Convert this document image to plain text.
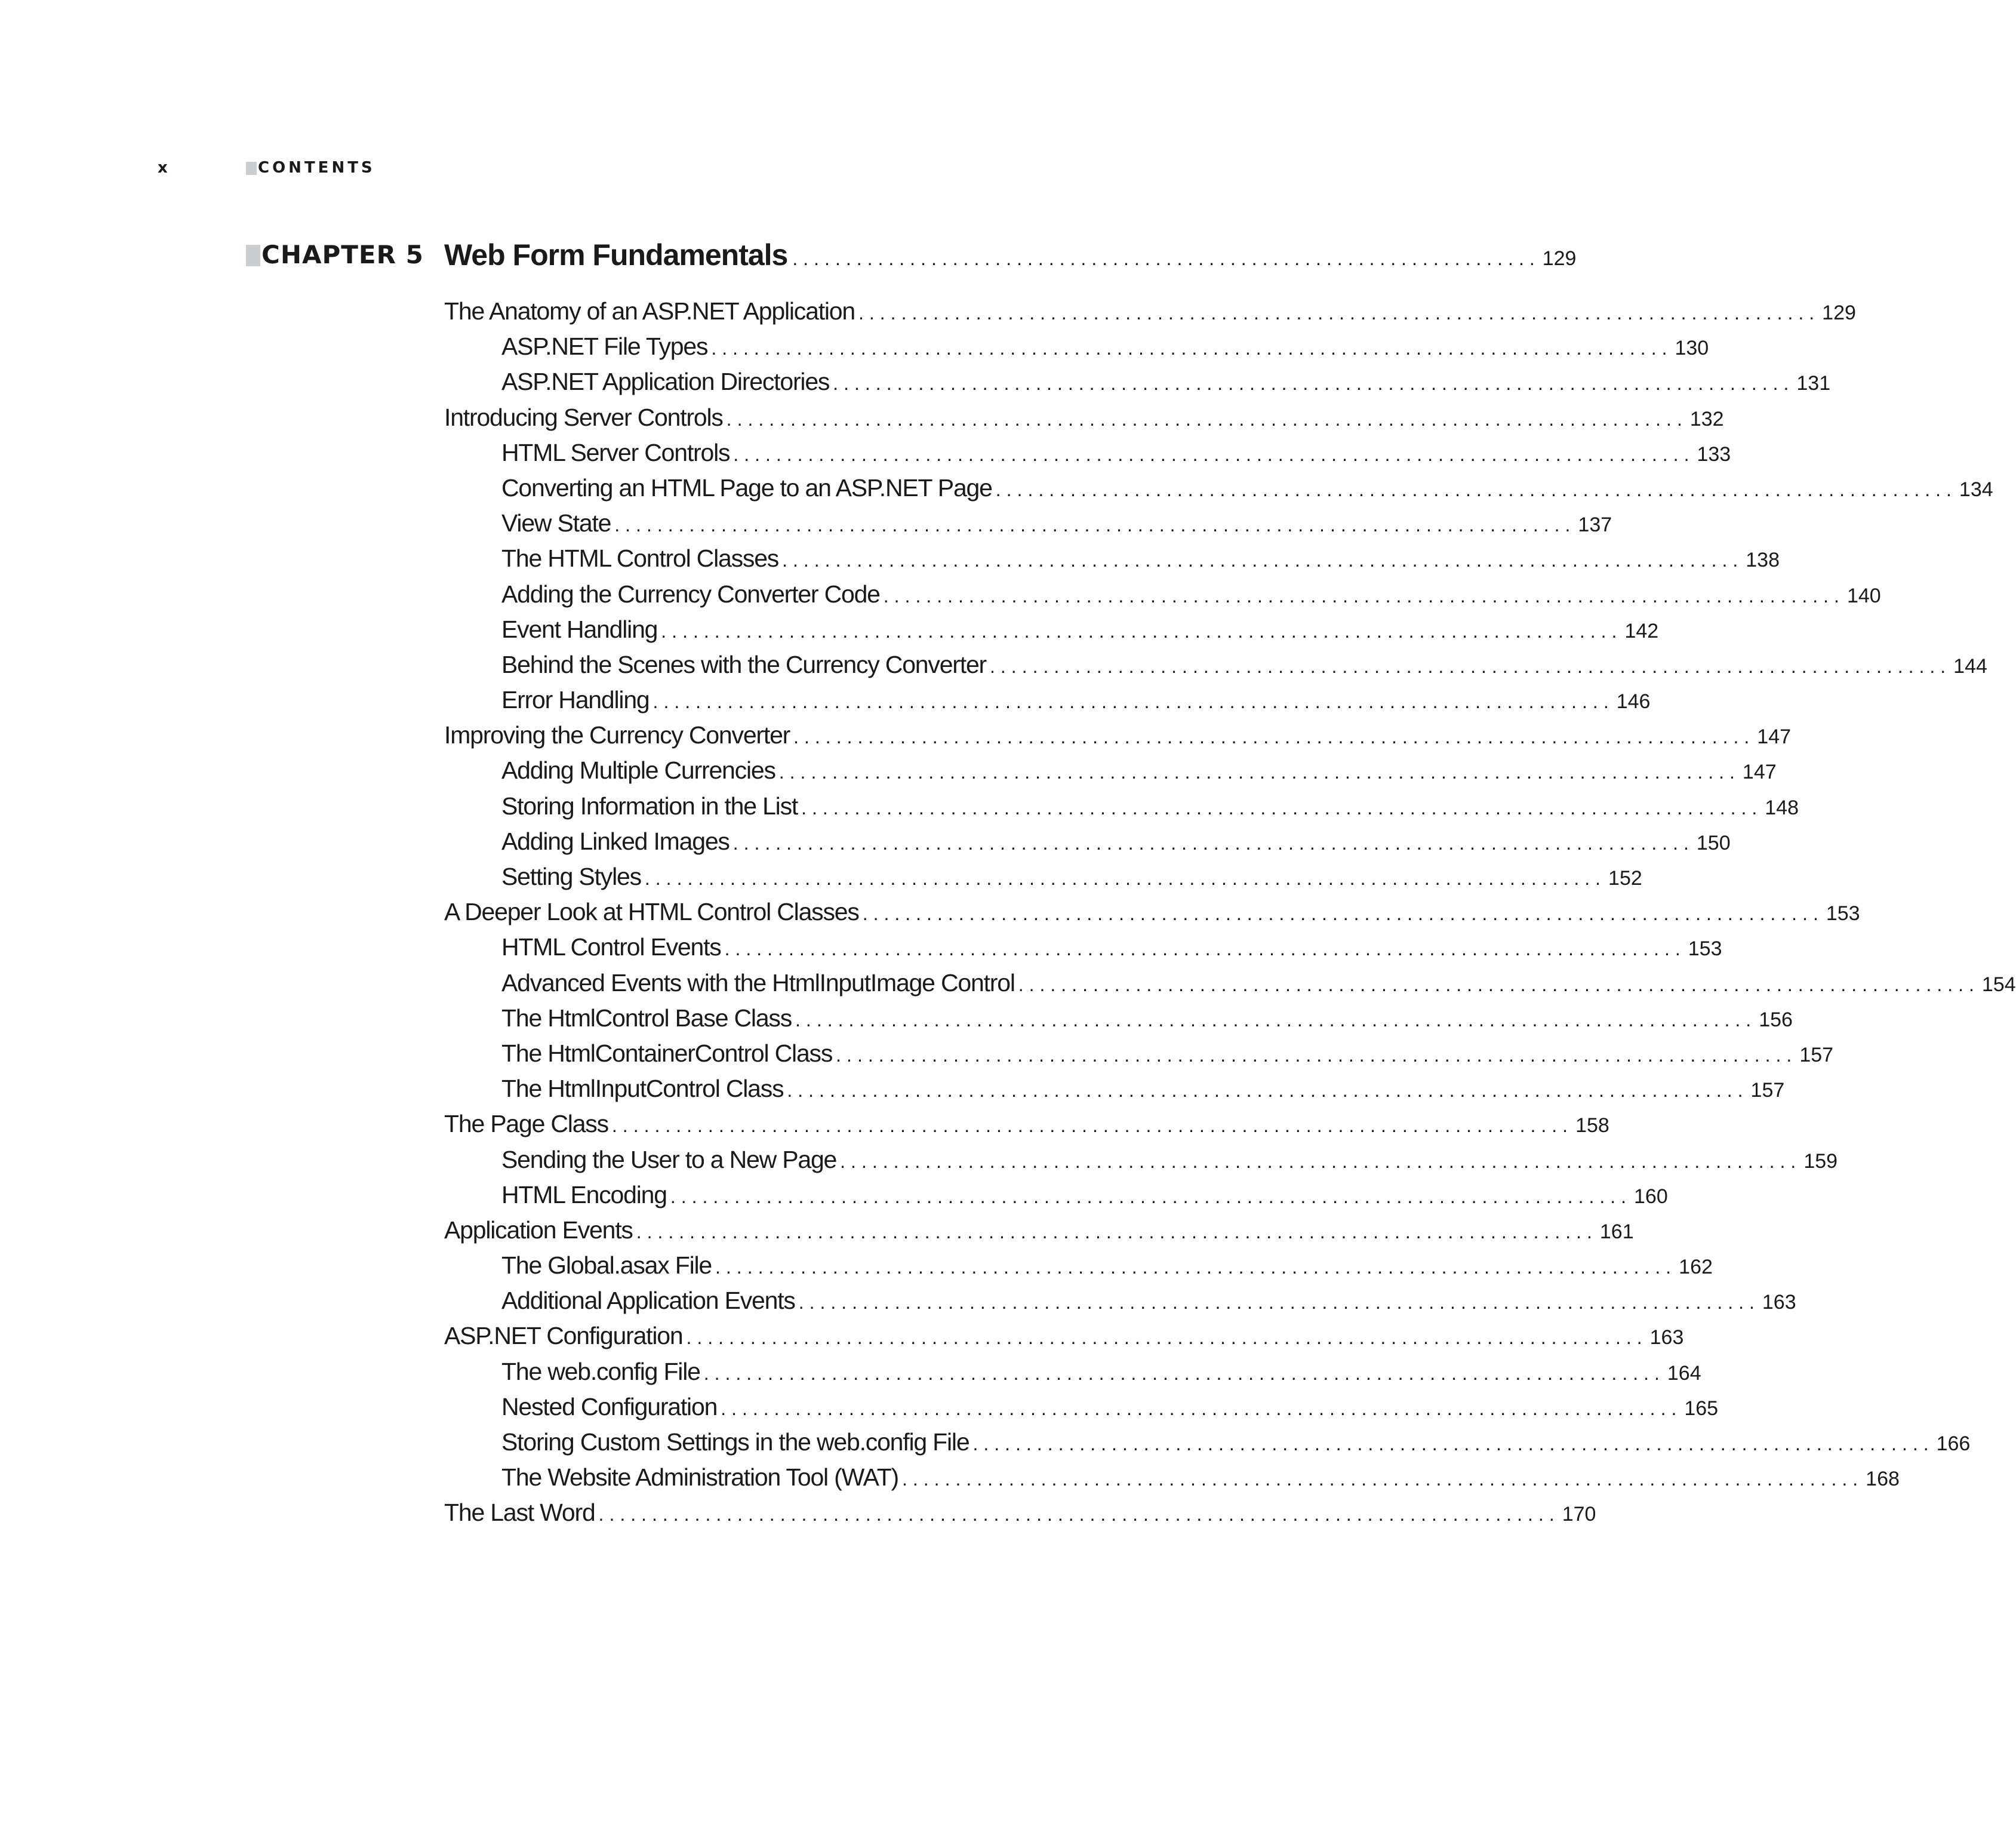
x	CONTENTS
CHAPTER 5 Web Form Fundamentals ...................................................................... 129
The Anatomy of an ASP.NET Application .......................................................................................... 129
ASP.NET File Types .......................................................................................... 130
ASP.NET Application Directories .......................................................................................... 131
Introducing Server Controls .......................................................................................... 132
HTML Server Controls .......................................................................................... 133
Converting an HTML Page to an ASP.NET Page .......................................................................................... 134
View State .......................................................................................... 137
The HTML Control Classes .......................................................................................... 138
Adding the Currency Converter Code .......................................................................................... 140
Event Handling .......................................................................................... 142
Behind the Scenes with the Currency Converter .......................................................................................... 144
Error Handling .......................................................................................... 146
Improving the Currency Converter .......................................................................................... 147
Adding Multiple Currencies .......................................................................................... 147
Storing Information in the List .......................................................................................... 148
Adding Linked Images .......................................................................................... 150
Setting Styles .......................................................................................... 152
A Deeper Look at HTML Control Classes .......................................................................................... 153
HTML Control Events .......................................................................................... 153
Advanced Events with the HtmlInputImage Control .......................................................................................... 154
The HtmlControl Base Class .......................................................................................... 156
The HtmlContainerControl Class .......................................................................................... 157
The HtmlInputControl Class .......................................................................................... 157
The Page Class .......................................................................................... 158
Sending the User to a New Page .......................................................................................... 159
HTML Encoding .......................................................................................... 160
Application Events .......................................................................................... 161
The Global.asax File .......................................................................................... 162
Additional Application Events .......................................................................................... 163
ASP.NET Configuration .......................................................................................... 163
The web.config File .......................................................................................... 164
Nested Configuration .......................................................................................... 165
Storing Custom Settings in the web.config File .......................................................................................... 166
The Website Administration Tool (WAT) .......................................................................................... 168
The Last Word .......................................................................................... 170
